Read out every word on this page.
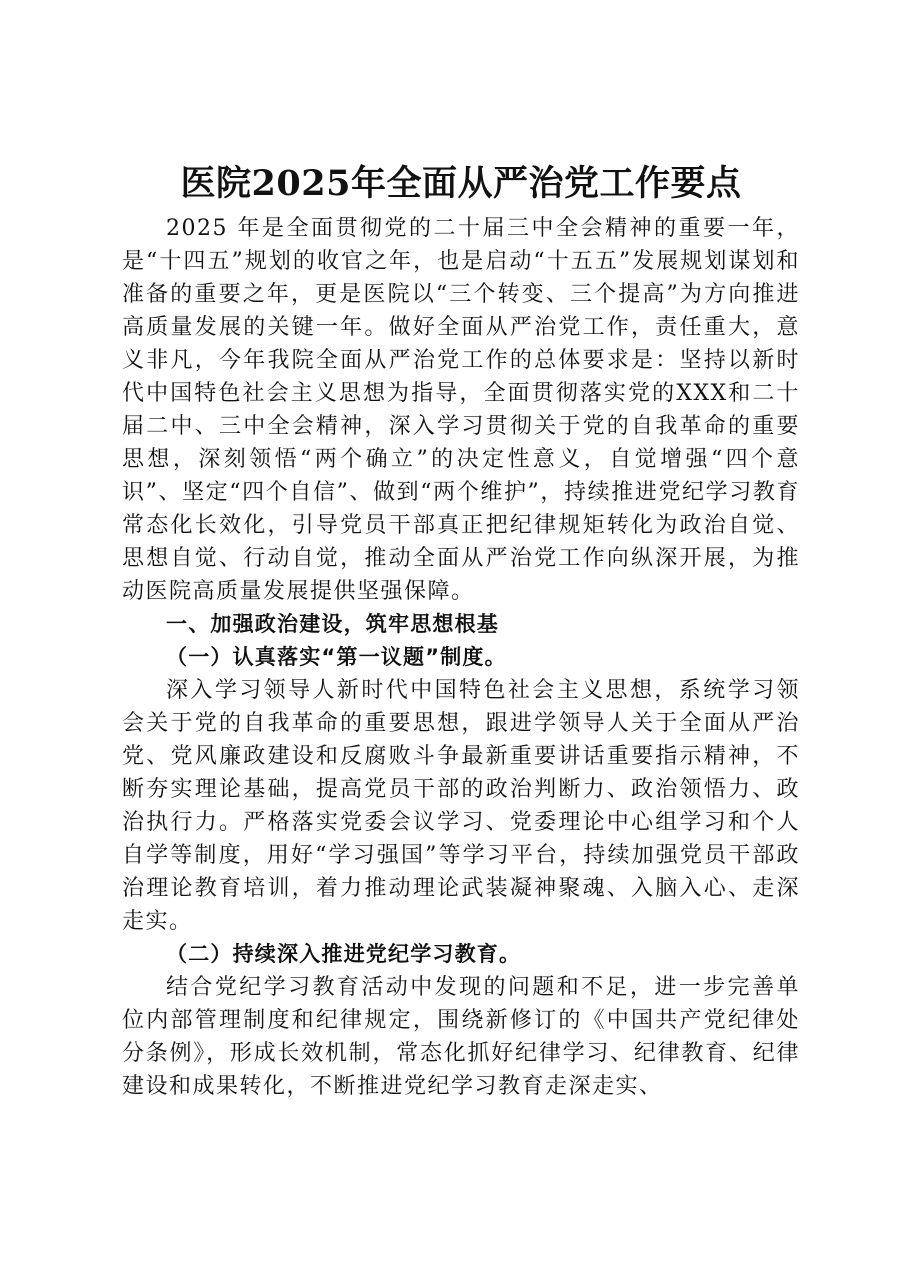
医院2025年全面从严治党工作要点

2025 年是全面贯彻党的二十届三中全会精神的重要一年，是“十四五”规划的收官之年，也是启动“十五五”发展规划谋划和准备的重要之年，更是医院以“三个转变、三个提高”为方向推进高质量发展的关键一年。做好全面从严治党工作，责任重大，意义非凡，今年我院全面从严治党工作的总体要求是：坚持以新时代中国特色社会主义思想为指导，全面贯彻落实党的XXX和二十届二中、三中全会精神，深入学习贯彻关于党的自我革命的重要思想，深刻领悟“两个确立”的决定性意义，自觉增强“四个意识”、坚定“四个自信”、做到“两个维护”，持续推进党纪学习教育常态化长效化，引导党员干部真正把纪律规矩转化为政治自觉、思想自觉、行动自觉，推动全面从严治党工作向纵深开展，为推动医院高质量发展提供坚强保障。

一、加强政治建设，筑牢思想根基

（一）认真落实“第一议题”制度。

深入学习领导人新时代中国特色社会主义思想，系统学习领会关于党的自我革命的重要思想，跟进学领导人关于全面从严治党、党风廉政建设和反腐败斗争最新重要讲话重要指示精神，不断夯实理论基础，提高党员干部的政治判断力、政治领悟力、政治执行力。严格落实党委会议学习、党委理论中心组学习和个人自学等制度，用好“学习强国”等学习平台，持续加强党员干部政治理论教育培训，着力推动理论武装凝神聚魂、入脑入心、走深走实。

（二）持续深入推进党纪学习教育。

结合党纪学习教育活动中发现的问题和不足，进一步完善单位内部管理制度和纪律规定，围绕新修订的《中国共产党纪律处分条例》，形成长效机制，常态化抓好纪律学习、纪律教育、纪律建设和成果转化，不断推进党纪学习教育走深走实、
